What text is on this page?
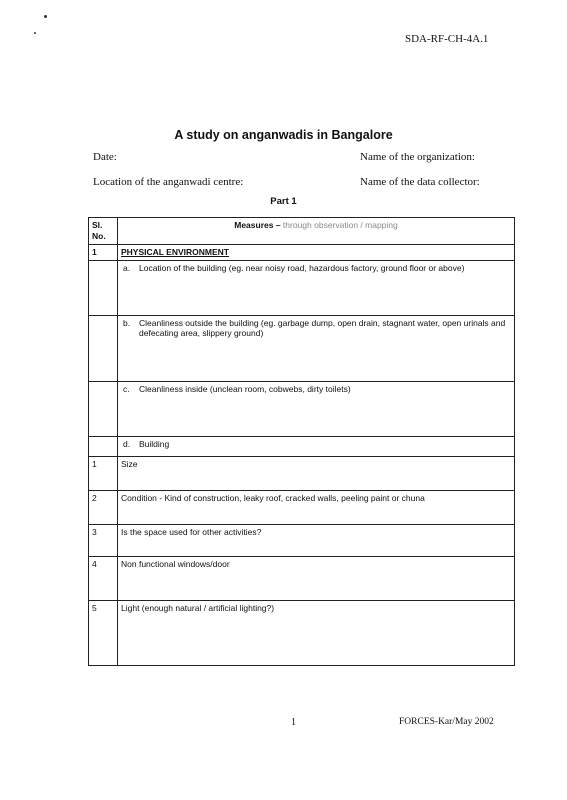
SDA-RF-CH-4A.1
A study on anganwadis in Bangalore
Date:	Name of the organization:
Location of the anganwadi centre:	Name of the data collector:
Part 1
Sl. No.	Measures – through observation / mapping
1	PHYSICAL ENVIRONMENT

	a. Location of the building (eg. near noisy road, hazardous factory, ground floor or above)

	b. Cleanliness outside the building (eg. garbage dump, open drain, stagnant water, open urinals and defecating area, slippery ground)

	c. Cleanliness inside (unclean room, cobwebs, dirty toilets)

	d. Building

1	Size
2	Condition - Kind of construction, leaky roof, cracked walls, peeling paint or chuna
3	Is the space used for other activities?
4	Non functional windows/door
5	Light (enough natural / artificial lighting?)
1	FORCES-Kar/May 2002
